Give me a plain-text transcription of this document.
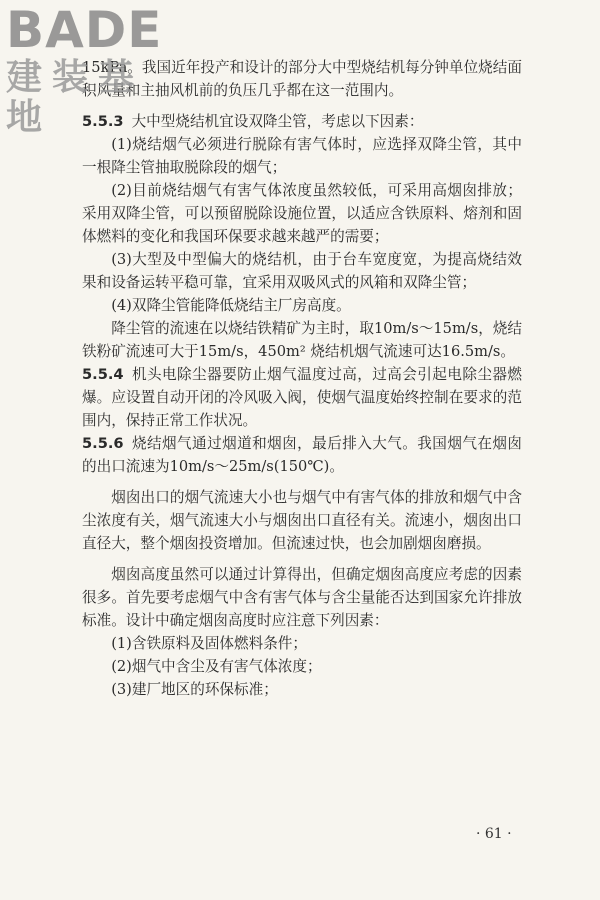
BADE
建装基地

15kPa。我国近年投产和设计的部分大中型烧结机每分钟单位烧结面积风量和主抽风机前的负压几乎都在这一范围内。

5.5.3 大中型烧结机宜设双降尘管，考虑以下因素：

(1)烧结烟气必须进行脱除有害气体时，应选择双降尘管，其中一根降尘管抽取脱除段的烟气；

(2)目前烧结烟气有害气体浓度虽然较低，可采用高烟囱排放；采用双降尘管，可以预留脱除设施位置，以适应含铁原料、熔剂和固体燃料的变化和我国环保要求越来越严的需要；

(3)大型及中型偏大的烧结机，由于台车宽度宽，为提高烧结效果和设备运转平稳可靠，宜采用双吸风式的风箱和双降尘管；

(4)双降尘管能降低烧结主厂房高度。

降尘管的流速在以烧结铁精矿为主时，取10m/s～15m/s，烧结铁粉矿流速可大于15m/s，450m² 烧结机烟气流速可达16.5m/s。

5.5.4 机头电除尘器要防止烟气温度过高，过高会引起电除尘器燃爆。应设置自动开闭的冷风吸入阀，使烟气温度始终控制在要求的范围内，保持正常工作状况。

5.5.6 烧结烟气通过烟道和烟囱，最后排入大气。我国烟气在烟囱的出口流速为10m/s～25m/s(150℃)。

烟囱出口的烟气流速大小也与烟气中有害气体的排放和烟气中含尘浓度有关，烟气流速大小与烟囱出口直径有关。流速小，烟囱出口直径大，整个烟囱投资增加。但流速过快，也会加剧烟囱磨损。

烟囱高度虽然可以通过计算得出，但确定烟囱高度应考虑的因素很多。首先要考虑烟气中含有害气体与含尘量能否达到国家允许排放标准。设计中确定烟囱高度时应注意下列因素：

(1)含铁原料及固体燃料条件；

(2)烟气中含尘及有害气体浓度；

(3)建厂地区的环保标准；

· 61 ·
